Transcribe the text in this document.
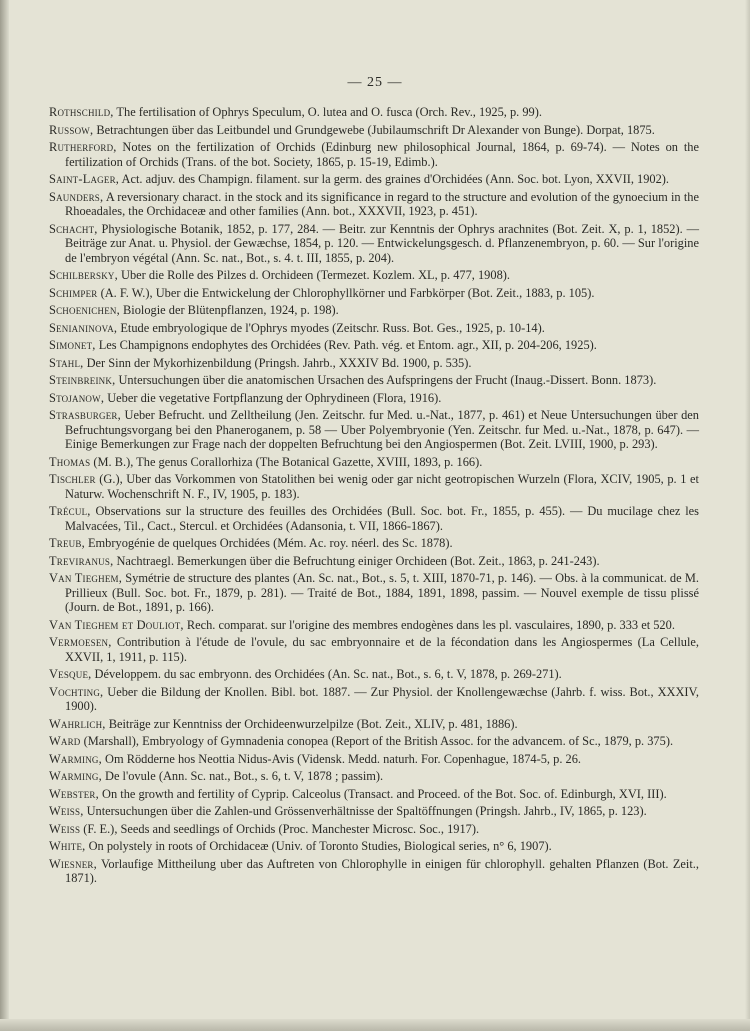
— 25 —

Rothschild, The fertilisation of Ophrys Speculum, O. lutea and O. fusca (Orch. Rev., 1925, p. 99).

Russow, Betrachtungen über das Leitbundel und Grundgewebe (Jubilaumschrift Dr Alexander von Bunge). Dorpat, 1875.

Rutherford, Notes on the fertilization of Orchids (Edinburg new philosophical Journal, 1864, p. 69-74). — Notes on the fertilization of Orchids (Trans. of the bot. Society, 1865, p. 15-19, Edimb.).

Saint-Lager, Act. adjuv. des Champign. filament. sur la germ. des graines d'Orchidées (Ann. Soc. bot. Lyon, XXVII, 1902).

Saunders, A reversionary charact. in the stock and its significance in regard to the structure and evolution of the gynoecium in the Rhoeadales, the Orchidaceæ and other families (Ann. bot., XXXVII, 1923, p. 451).

Schacht, Physiologische Botanik, 1852, p. 177, 284. — Beitr. zur Kenntnis der Ophrys arachnites (Bot. Zeit. X, p. 1, 1852). — Beiträge zur Anat. u. Physiol. der Gewæchse, 1854, p. 120. — Entwickelungsgesch. d. Pflanzenembryon, p. 60. — Sur l'origine de l'embryon végétal (Ann. Sc. nat., Bot., s. 4. t. III, 1855, p. 204).

Schilbersky, Uber die Rolle des Pilzes d. Orchideen (Termezet. Kozlem. XL, p. 477, 1908).

Schimper (A. F. W.), Uber die Entwickelung der Chlorophyllkörner und Farbkörper (Bot. Zeit., 1883, p. 105).

Schoenichen, Biologie der Blütenpflanzen, 1924, p. 198).

Senianinova, Etude embryologique de l'Ophrys myodes (Zeitschr. Russ. Bot. Ges., 1925, p. 10-14).

Simonet, Les Champignons endophytes des Orchidées (Rev. Path. vég. et Entom. agr., XII, p. 204-206, 1925).

Stahl, Der Sinn der Mykorhizenbildung (Pringsh. Jahrb., XXXIV Bd. 1900, p. 535).

Steinbreink, Untersuchungen über die anatomischen Ursachen des Aufspringens der Frucht (Inaug.-Dissert. Bonn. 1873).

Stojanow, Ueber die vegetative Fortpflanzung der Ophrydineen (Flora, 1916).

Strasburger, Ueber Befrucht. und Zelltheilung (Jen. Zeitschr. fur Med. u.-Nat., 1877, p. 461) et Neue Untersuchungen über den Befruchtungsvorgang bei den Phaneroganem, p. 58 — Uber Polyembryonie (Yen. Zeitschr. fur Med. u.-Nat., 1878, p. 647). — Einige Bemerkungen zur Frage nach der doppelten Befruchtung bei den Angiospermen (Bot. Zeit. LVIII, 1900, p. 293).

Thomas (M. B.), The genus Corallorhiza (The Botanical Gazette, XVIII, 1893, p. 166).

Tischler (G.), Uber das Vorkommen von Statolithen bei wenig oder gar nicht geotropischen Wurzeln (Flora, XCIV, 1905, p. 1 et Naturw. Wochenschrift N. F., IV, 1905, p. 183).

Trécul, Observations sur la structure des feuilles des Orchidées (Bull. Soc. bot. Fr., 1855, p. 455). — Du mucilage chez les Malvacées, Til., Cact., Stercul. et Orchidées (Adansonia, t. VII, 1866-1867).

Treub, Embryogénie de quelques Orchidées (Mém. Ac. roy. néerl. des Sc. 1878).

Treviranus, Nachtraegl. Bemerkungen über die Befruchtung einiger Orchideen (Bot. Zeit., 1863, p. 241-243).

Van Tieghem, Symétrie de structure des plantes (An. Sc. nat., Bot., s. 5, t. XIII, 1870-71, p. 146). — Obs. à la communicat. de M. Prillieux (Bull. Soc. bot. Fr., 1879, p. 281). — Traité de Bot., 1884, 1891, 1898, passim. — Nouvel exemple de tissu plissé (Journ. de Bot., 1891, p. 166).

Van Tieghem et Douliot, Rech. comparat. sur l'origine des membres endogènes dans les pl. vasculaires, 1890, p. 333 et 520.

Vermoesen, Contribution à l'étude de l'ovule, du sac embryonnaire et de la fécondation dans les Angiospermes (La Cellule, XXVII, 1, 1911, p. 115).

Vesque, Développem. du sac embryonn. des Orchidées (An. Sc. nat., Bot., s. 6, t. V, 1878, p. 269-271).

Vochting, Ueber die Bildung der Knollen. Bibl. bot. 1887. — Zur Physiol. der Knollengewæchse (Jahrb. f. wiss. Bot., XXXIV, 1900).

Wahrlich, Beiträge zur Kenntniss der Orchideenwurzelpilze (Bot. Zeit., XLIV, p. 481, 1886).

Ward (Marshall), Embryology of Gymnadenia conopea (Report of the British Assoc. for the advancem. of Sc., 1879, p. 375).

Warming, Om Rödderne hos Neottia Nidus-Avis (Vidensk. Medd. naturh. For. Copenhague, 1874-5, p. 26.

Warming, De l'ovule (Ann. Sc. nat., Bot., s. 6, t. V, 1878 ; passim).

Webster, On the growth and fertility of Cyprip. Calceolus (Transact. and Proceed. of the Bot. Soc. of. Edinburgh, XVI, III).

Weiss, Untersuchungen über die Zahlen-und Grössenverhältnisse der Spaltöffnungen (Pringsh. Jahrb., IV, 1865, p. 123).

Weiss (F. E.), Seeds and seedlings of Orchids (Proc. Manchester Microsc. Soc., 1917).

White, On polystely in roots of Orchidaceæ (Univ. of Toronto Studies, Biological series, n° 6, 1907).

Wiesner, Vorlaufige Mittheilung uber das Auftreten von Chlorophylle in einigen für chlorophyll. gehalten Pflanzen (Bot. Zeit., 1871).
